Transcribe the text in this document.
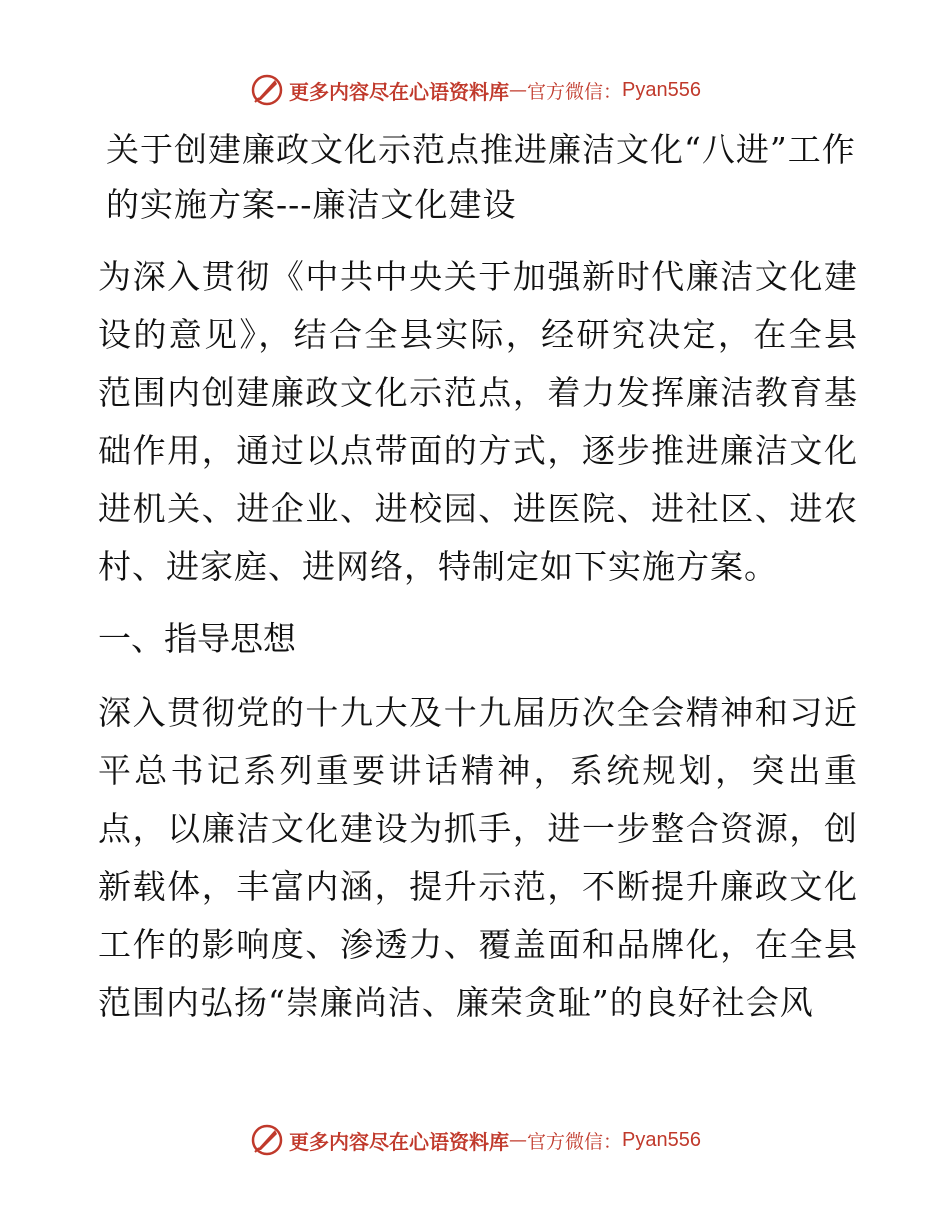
更多内容尽在心语资料库 — 官方微信： Pyan556
关于创建廉政文化示范点推进廉洁文化“八进”工作的实施方案---廉洁文化建设

为深入贯彻《中共中央关于加强新时代廉洁文化建设的意见》，结合全县实际，经研究决定，在全县范围内创建廉政文化示范点，着力发挥廉洁教育基础作用，通过以点带面的方式，逐步推进廉洁文化进机关、进企业、进校园、进医院、进社区、进农村、进家庭、进网络，特制定如下实施方案。

一、指导思想

深入贯彻党的十九大及十九届历次全会精神和习近平总书记系列重要讲话精神，系统规划，突出重点，以廉洁文化建设为抓手，进一步整合资源，创新载体，丰富内涵，提升示范，不断提升廉政文化工作的影响度、渗透力、覆盖面和品牌化，在全县范围内弘扬“崇廉尚洁、廉荣贪耻”的良好社会风

更多内容尽在心语资料库 — 官方微信： Pyan556
